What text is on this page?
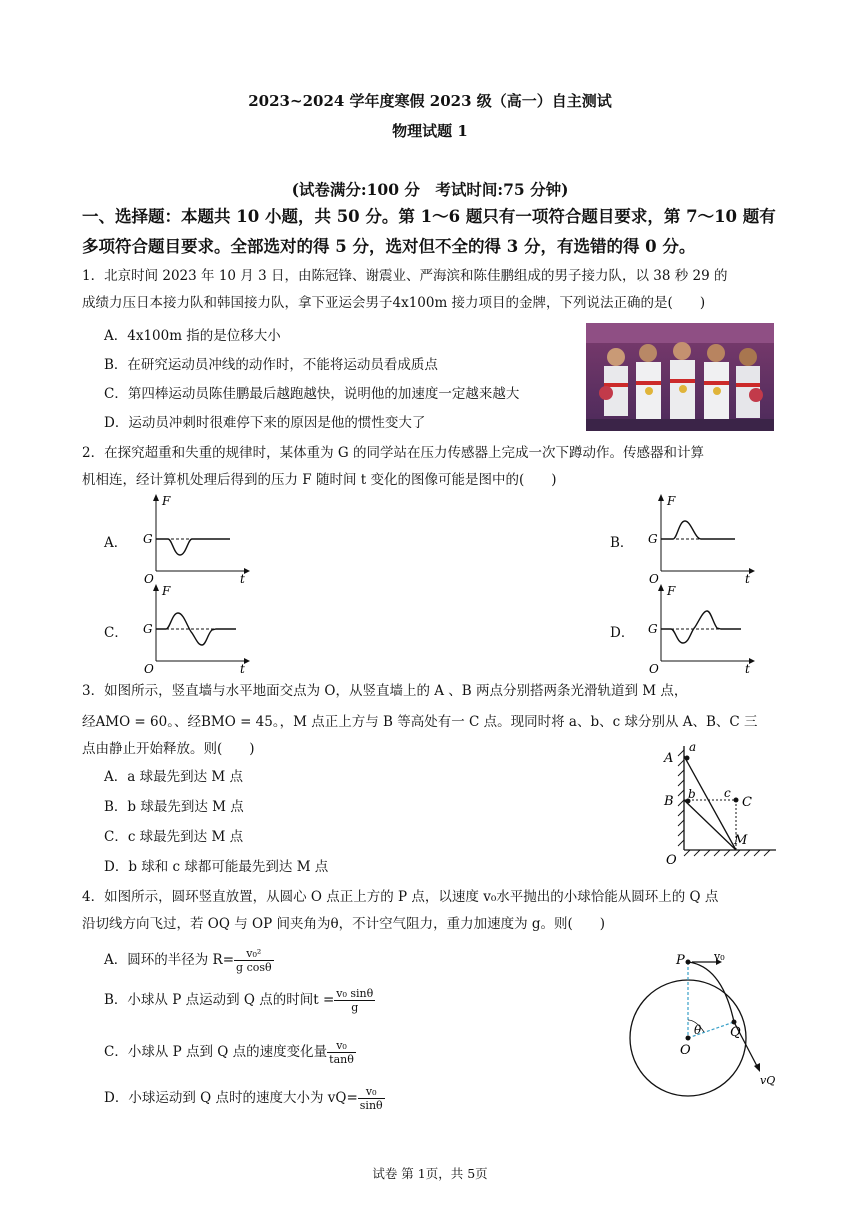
2023~2024 学年度寒假 2023 级（高一）自主测试
物理试题 1
(试卷满分:100 分　考试时间:75 分钟)
一、选择题：本题共 10 小题，共 50 分。第 1～6 题只有一项符合题目要求，第 7～10 题有
多项符合题目要求。全部选对的得 5 分，选对但不全的得 3 分，有选错的得 0 分。
1．北京时间 2023 年 10 月 3 日，由陈冠锋、谢震业、严海滨和陈佳鹏组成的男子接力队，以 38 秒 29 的
成绩力压日本接力队和韩国接力队，拿下亚运会男子4x100m 接力项目的金牌，下列说法正确的是(　　)
A．4x100m 指的是位移大小
B．在研究运动员冲线的动作时，不能将运动员看成质点
C．第四棒运动员陈佳鹏最后越跑越快，说明他的加速度一定越来越大
D．运动员冲刺时很难停下来的原因是他的惯性变大了
2．在探究超重和失重的规律时，某体重为 G 的同学站在压力传感器上完成一次下蹲动作。传感器和计算
机相连，经计算机处理后得到的压力 F 随时间 t 变化的图像可能是图中的(　　)
A．
F
t
O
G	B．
F
t
O
G
C．
F
t
O
G	D．
F
t
O
G
3．如图所示，竖直墙与水平地面交点为 O，从竖直墙上的 A 、B 两点分别搭两条光滑轨道到 M 点，
经AMO = 60。、经BMO = 45。，M 点正上方与 B 等高处有一 C 点。现同时将 a、b、c 球分别从 A、B、C 三
点由静止开始释放。则(　　)
A．a 球最先到达 M 点
B．b 球最先到达 M 点
C．c 球最先到达 M 点
D．b 球和 c 球都可能最先到达 M 点
A
a
B b c
C
M
O
4．如图所示，圆环竖直放置，从圆心 O 点正上方的 P 点，以速度 v₀水平抛出的小球恰能从圆环上的 Q 点
沿切线方向飞过，若 OQ 与 OP 间夹角为θ，不计空气阻力，重力加速度为 g。则(　　)
A．圆环的半径为 $R= \frac{\text{v₀²}}{\text{g cosθ}}$
B．小球从 P 点运动到 Q 点的时间$t = \frac{\text{v₀ sinθ}}{g}$
C．小球从 P 点到 Q 点的速度变化量 $\frac{\text{v₀}}{\tan\theta}$
D．小球运动到 Q 点时的速度大小为 $vQ= \frac{\text{v₀}}{\sin\theta}$
P	v₀
θ
O
Q
vQ
试卷 第 1页，共 5页
